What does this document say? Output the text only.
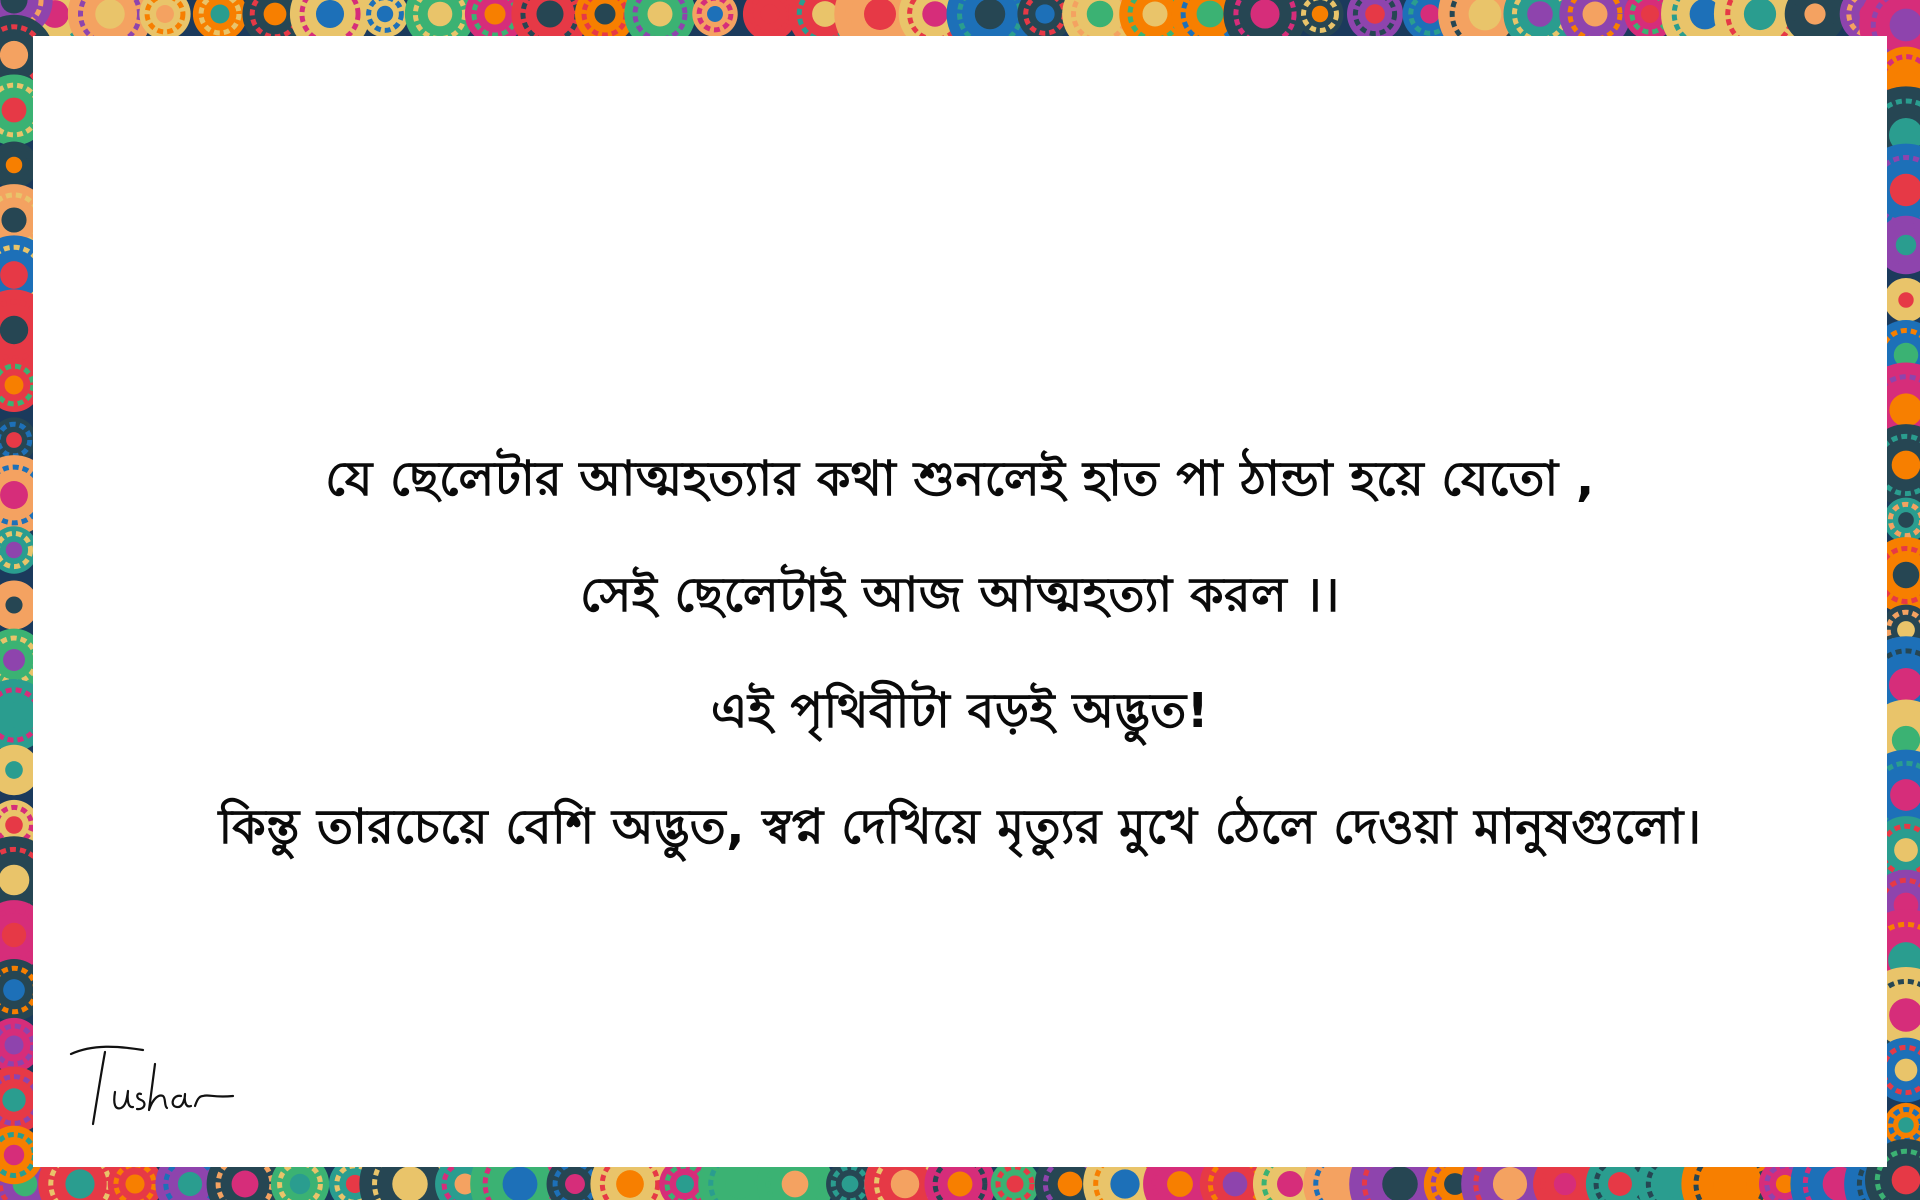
যে ছেলেটার আত্মহত্যার কথা শুনলেই হাত পা ঠান্ডা হয়ে যেতো ,
সেই ছেলেটাই আজ আত্মহত্যা করল ।।
এই পৃথিবীটা বড়ই অদ্ভুত!
কিন্তু তারচেয়ে বেশি অদ্ভুত, স্বপ্ন দেখিয়ে মৃত্যুর মুখে ঠেলে দেওয়া মানুষগুলো।
